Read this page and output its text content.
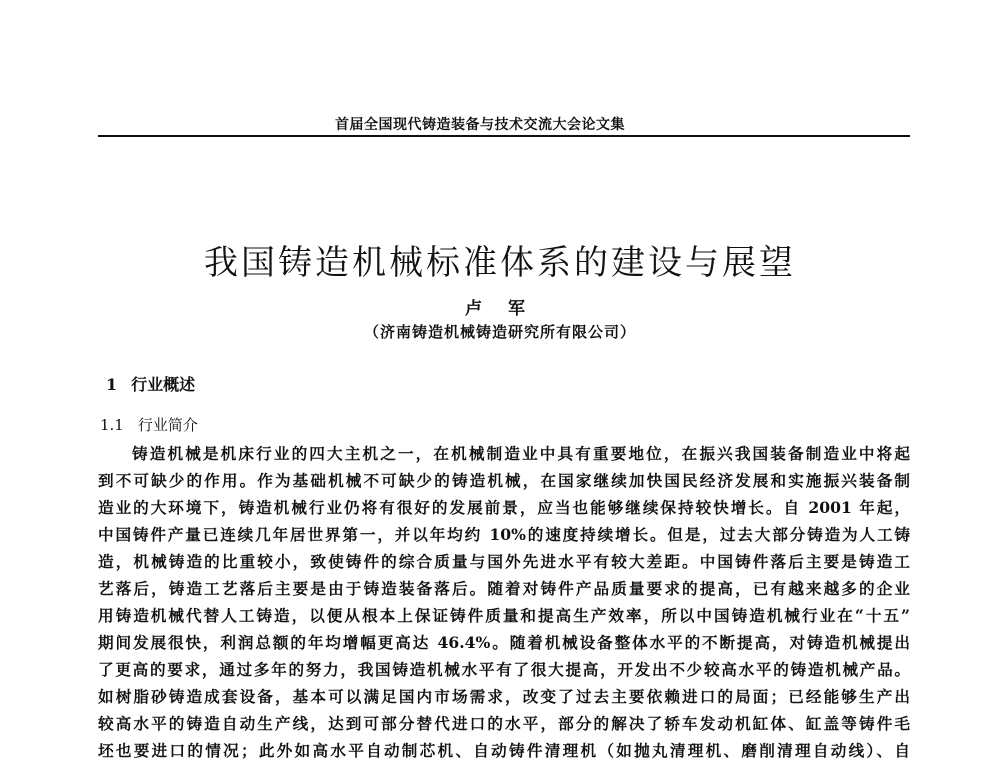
首届全国现代铸造装备与技术交流大会论文集
我国铸造机械标准体系的建设与展望
卢 军
（济南铸造机械铸造研究所有限公司）
1 行业概述
1.1 行业简介
铸造机械是机床行业的四大主机之一，在机械制造业中具有重要地位，在振兴我国装备制造业中将起
到不可缺少的作用。作为基础机械不可缺少的铸造机械，在国家继续加快国民经济发展和实施振兴装备制
造业的大环境下，铸造机械行业仍将有很好的发展前景，应当也能够继续保持较快增长。自 2001 年起，
中国铸件产量已连续几年居世界第一，并以年均约 10%的速度持续增长。但是，过去大部分铸造为人工铸
造，机械铸造的比重较小，致使铸件的综合质量与国外先进水平有较大差距。中国铸件落后主要是铸造工
艺落后，铸造工艺落后主要是由于铸造装备落后。随着对铸件产品质量要求的提高，已有越来越多的企业
用铸造机械代替人工铸造，以便从根本上保证铸件质量和提高生产效率，所以中国铸造机械行业在“十五”
期间发展很快，利润总额的年均增幅更高达 46.4%。随着机械设备整体水平的不断提高，对铸造机械提出
了更高的要求，通过多年的努力，我国铸造机械水平有了很大提高，开发出不少较高水平的铸造机械产品。
如树脂砂铸造成套设备，基本可以满足国内市场需求，改变了过去主要依赖进口的局面；已经能够生产出
较高水平的铸造自动生产线，达到可部分替代进口的水平，部分的解决了轿车发动机缸体、缸盖等铸件毛
坯也要进口的情况；此外如高水平自动制芯机、自动铸件清理机（如抛丸清理机、磨削清理自动线）、自
